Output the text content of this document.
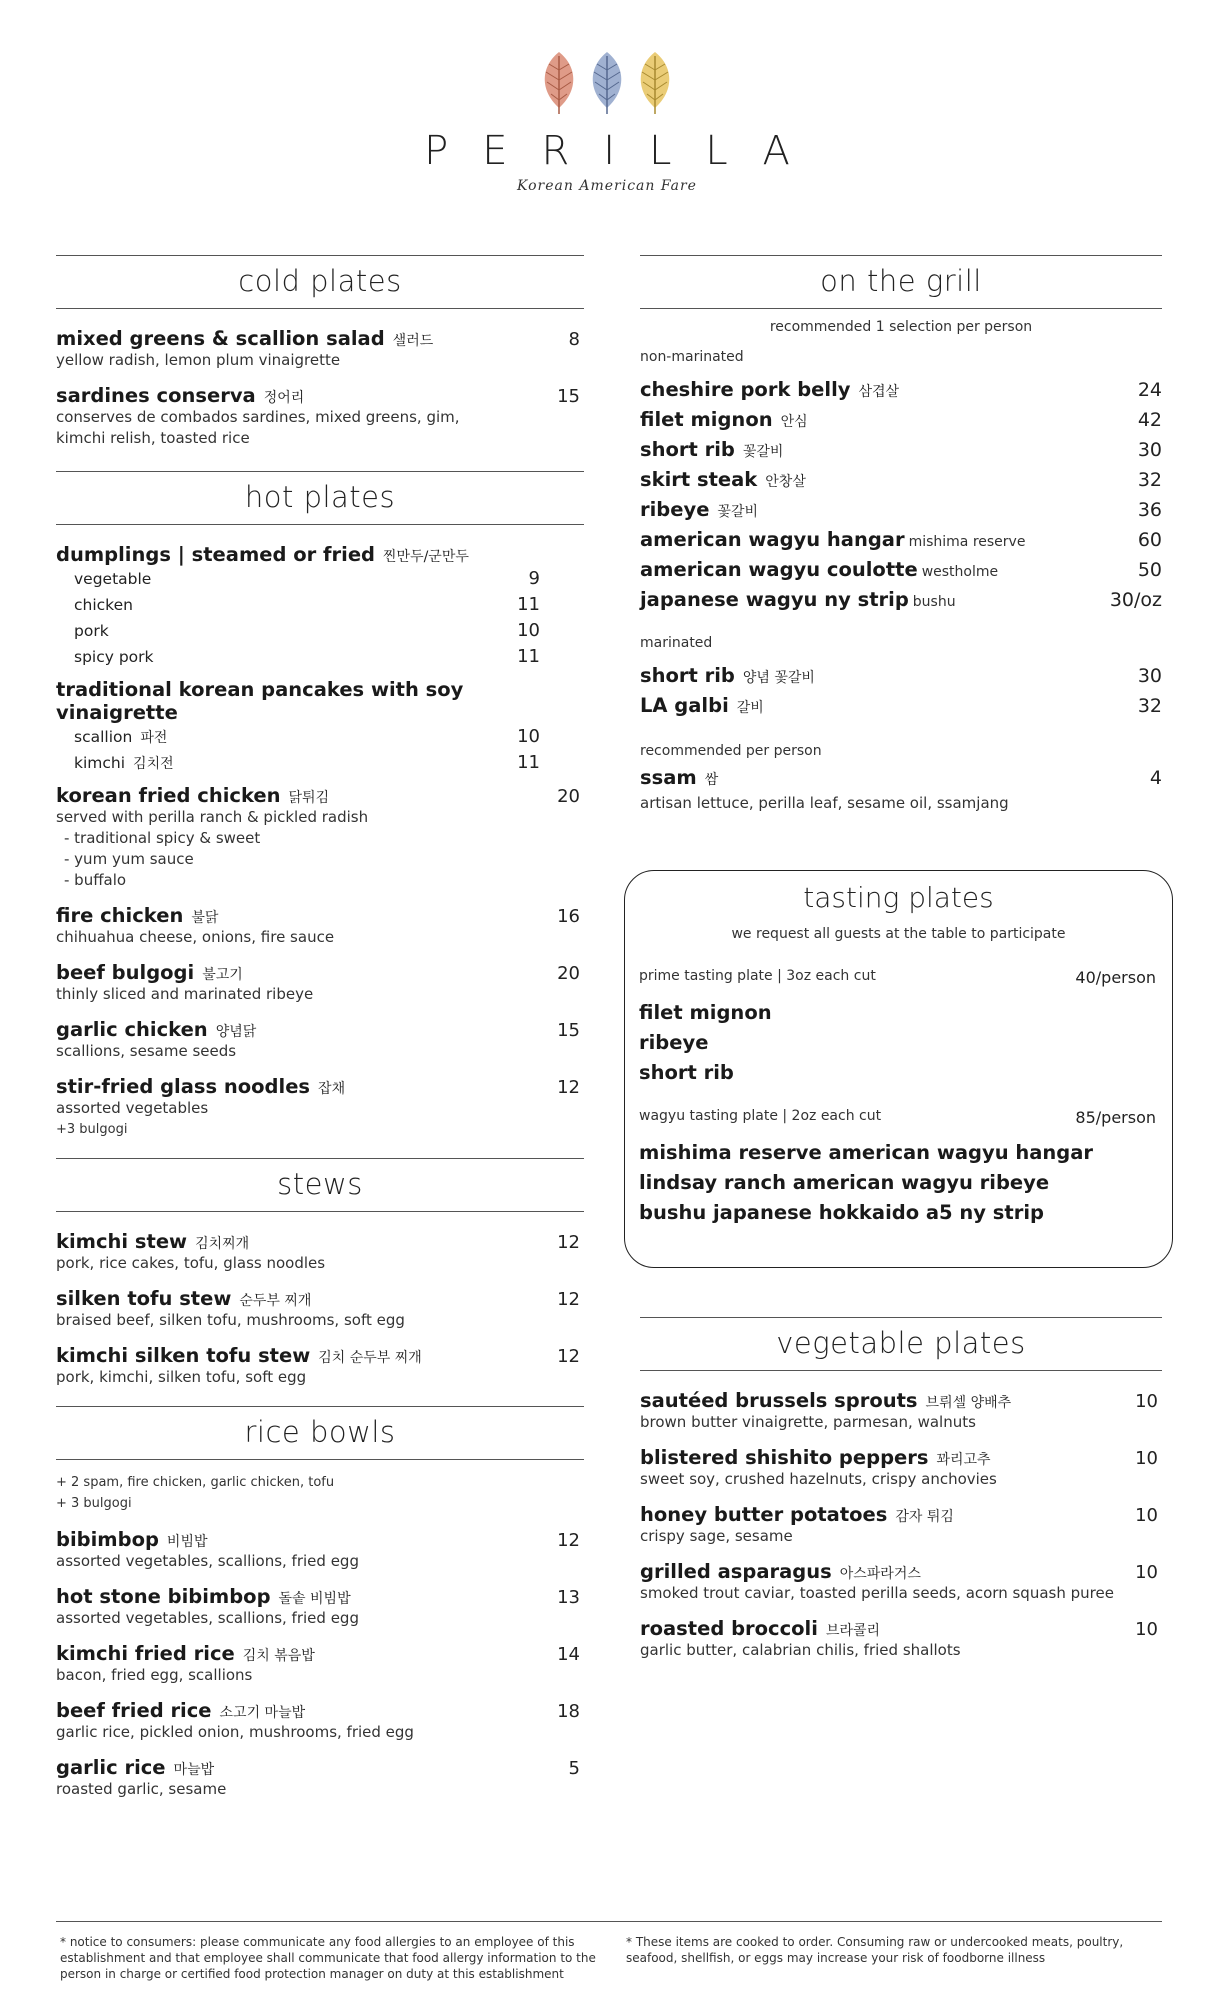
PERILLA
Korean American Fare
cold plates
mixed greens & scallion salad 샐러드	8
yellow radish, lemon plum vinaigrette
sardines conserva 정어리	15
conserves de combados sardines, mixed greens, gim, kimchi relish, toasted rice
hot plates
dumplings | steamed or fried 찐만두/군만두
vegetable	9
chicken	11
pork	10
spicy pork	11
traditional korean pancakes with soy vinaigrette
scallion 파전	10
kimchi 김치전	11
korean fried chicken 닭튀김	20
served with perilla ranch & pickled radish
- traditional spicy & sweet
- yum yum sauce
- buffalo
fire chicken 불닭	16
chihuahua cheese, onions, fire sauce
beef bulgogi 불고기	20
thinly sliced and marinated ribeye
garlic chicken 양념닭	15
scallions, sesame seeds
stir-fried glass noodles 잡채	12
assorted vegetables
+3 bulgogi
stews
kimchi stew 김치찌개	12
pork, rice cakes, tofu, glass noodles
silken tofu stew 순두부 찌개	12
braised beef, silken tofu, mushrooms, soft egg
kimchi silken tofu stew 김치 순두부 찌개	12
pork, kimchi, silken tofu, soft egg
rice bowls
+ 2 spam, fire chicken, garlic chicken, tofu
+ 3 bulgogi
bibimbop 비빔밥	12
assorted vegetables, scallions, fried egg
hot stone bibimbop 돌솥 비빔밥	13
assorted vegetables, scallions, fried egg
kimchi fried rice 김치 볶음밥	14
bacon, fried egg, scallions
beef fried rice 소고기 마늘밥	18
garlic rice, pickled onion, mushrooms, fried egg
garlic rice 마늘밥	5
roasted garlic, sesame
on the grill
recommended 1 selection per person
non-marinated
cheshire pork belly 삼겹살	24
filet mignon 안심	42
short rib 꽃갈비	30
skirt steak 안창살	32
ribeye 꽃갈비	36
american wagyu hangar mishima reserve	60
american wagyu coulotte westholme	50
japanese wagyu ny strip bushu	30/oz
marinated
short rib 양념 꽃갈비	30
LA galbi 갈비	32
recommended per person
ssam 쌈	4
artisan lettuce, perilla leaf, sesame oil, ssamjang
tasting plates
we request all guests at the table to participate
prime tasting plate | 3oz each cut	40/person
filet mignon
ribeye
short rib
wagyu tasting plate | 2oz each cut	85/person
mishima reserve american wagyu hangar
lindsay ranch american wagyu ribeye
bushu japanese hokkaido a5 ny strip
vegetable plates
sautéed brussels sprouts 브뤼셀 양배추	10
brown butter vinaigrette, parmesan, walnuts
blistered shishito peppers 꽈리고추	10
sweet soy, crushed hazelnuts, crispy anchovies
honey butter potatoes 감자 튀김	10
crispy sage, sesame
grilled asparagus 아스파라거스	10
smoked trout caviar, toasted perilla seeds, acorn squash puree
roasted broccoli 브라콜리	10
garlic butter, calabrian chilis, fried shallots
* notice to consumers: please communicate any food allergies to an employee of this establishment and that employee shall communicate that food allergy information to the person in charge or certified food protection manager on duty at this establishment
* These items are cooked to order. Consuming raw or undercooked meats, poultry, seafood, shellfish, or eggs may increase your risk of foodborne illness
